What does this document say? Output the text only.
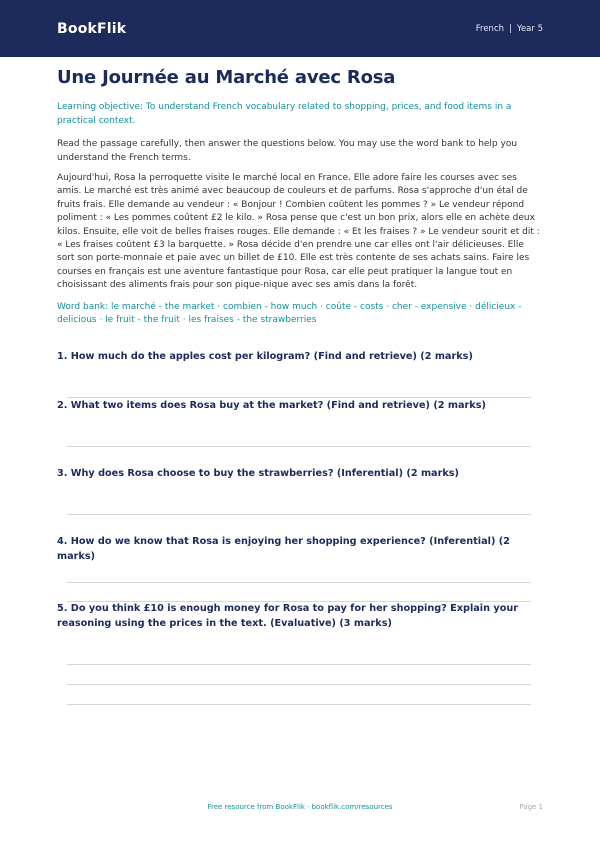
BookFlik	French | Year 5
Une Journée au Marché avec Rosa

Learning objective: To understand French vocabulary related to shopping, prices, and food items in a practical context.

Read the passage carefully, then answer the questions below. You may use the word bank to help you understand the French terms.

Aujourd'hui, Rosa la perroquette visite le marché local en France. Elle adore faire les courses avec ses amis. Le marché est très animé avec beaucoup de couleurs et de parfums. Rosa s'approche d'un étal de fruits frais. Elle demande au vendeur : « Bonjour ! Combien coûtent les pommes ? » Le vendeur répond poliment : « Les pommes coûtent £2 le kilo. » Rosa pense que c'est un bon prix, alors elle en achète deux kilos. Ensuite, elle voit de belles fraises rouges. Elle demande : « Et les fraises ? » Le vendeur sourit et dit : « Les fraises coûtent £3 la barquette. » Rosa décide d'en prendre une car elles ont l'air délicieuses. Elle sort son porte-monnaie et paie avec un billet de £10. Elle est très contente de ses achats sains. Faire les courses en français est une aventure fantastique pour Rosa, car elle peut pratiquer la langue tout en choisissant des aliments frais pour son pique-nique avec ses amis dans la forêt.

Word bank: le marché - the market · combien - how much · coûte - costs · cher - expensive · délicieux - delicious · le fruit - the fruit · les fraises - the strawberries

1. How much do the apples cost per kilogram? (Find and retrieve) (2 marks)
2. What two items does Rosa buy at the market? (Find and retrieve) (2 marks)
3. Why does Rosa choose to buy the strawberries? (Inferential) (2 marks)
4. How do we know that Rosa is enjoying her shopping experience? (Inferential) (2 marks)
5. Do you think £10 is enough money for Rosa to pay for her shopping? Explain your reasoning using the prices in the text. (Evaluative) (3 marks)
Free resource from BookFlik · bookflik.com/resources	Page 1
